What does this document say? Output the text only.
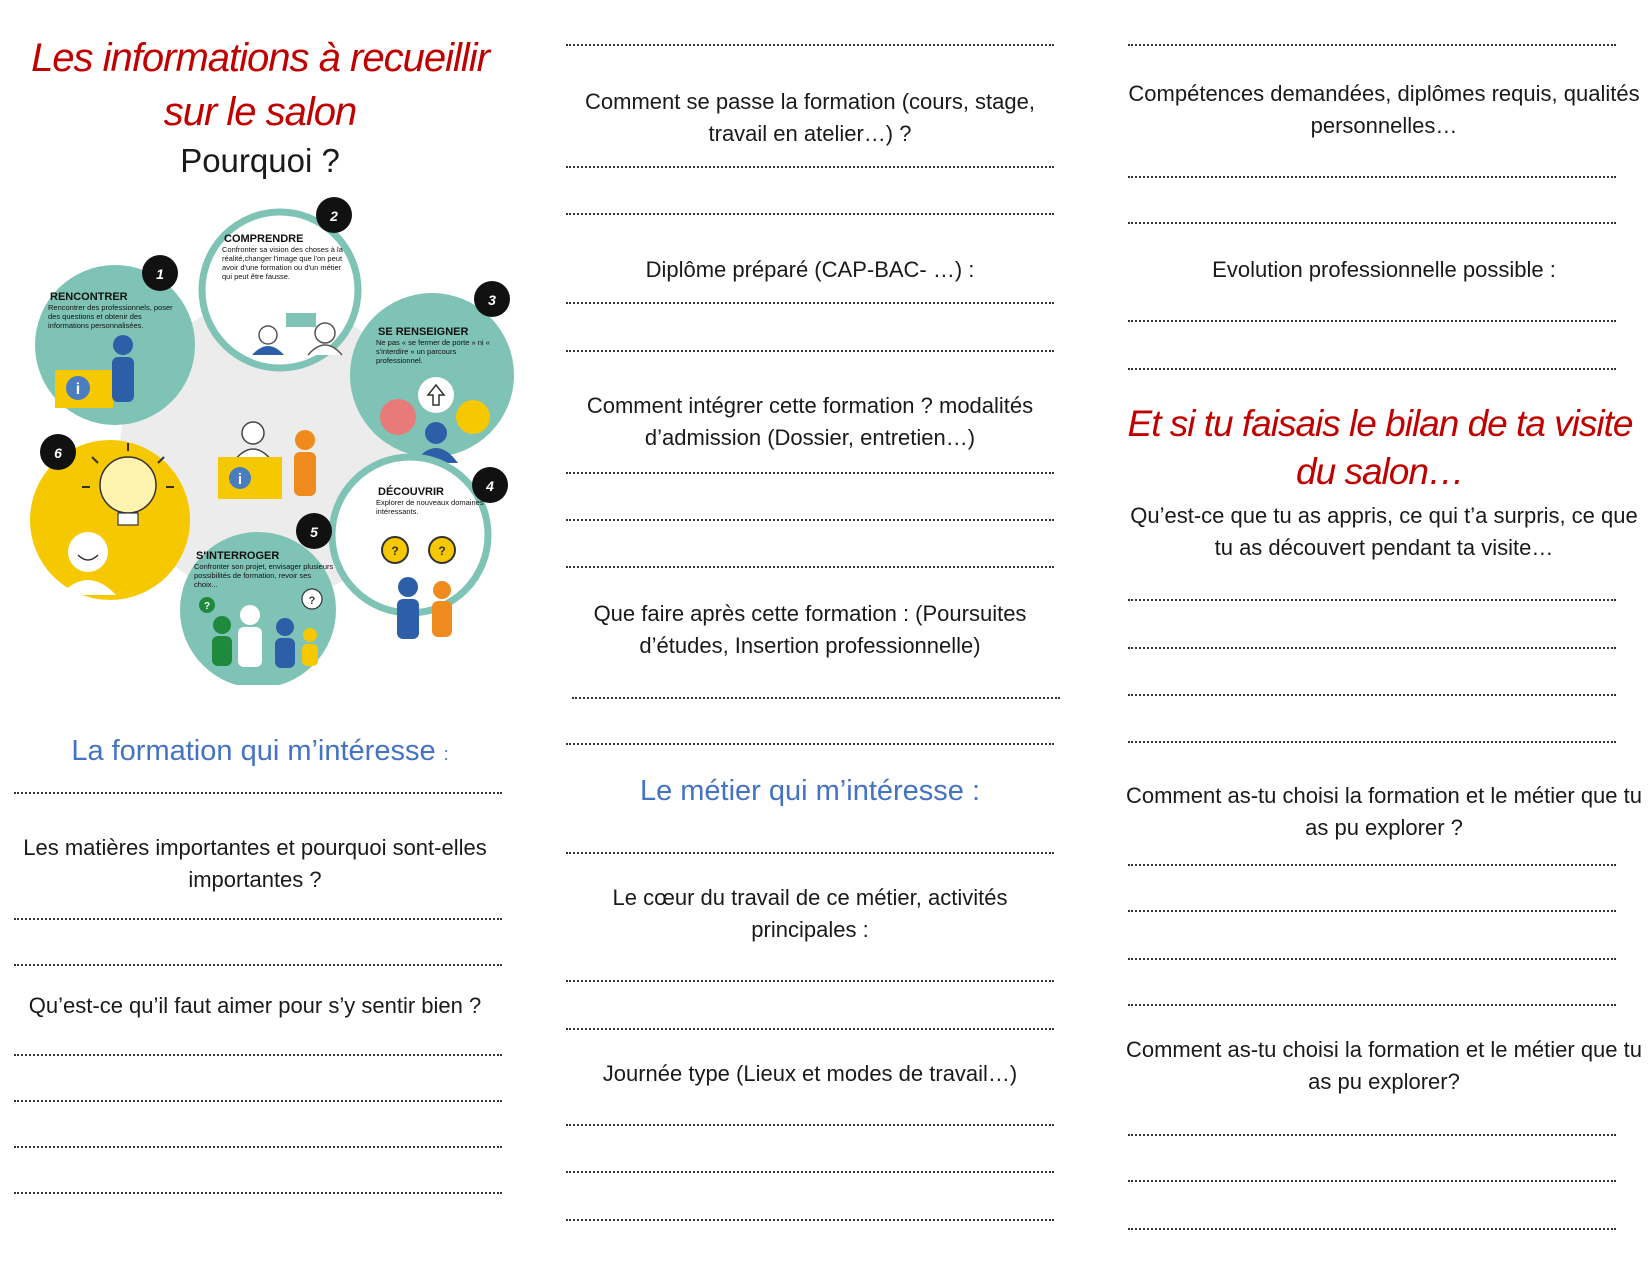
Les informations à recueillir
sur le salon
Pourquoi ?
i
1
RENCONTRER
Rencontrer des professionnels, poser des questions et obtenir des informations personnalisées.
2
COMPRENDRE
Confronter sa vision des choses à la réalité,changer l'image que l'on peut avoir d'une formation ou d'un métier qui peut être fausse.
3
SE RENSEIGNER
Ne pas « se fermer de porte » ni « s'interdire » un parcours professionnel.
6
i	4
DÉCOUVRIR
Explorer de nouveaux domaines intéressants.
?	?
5
S'INTERROGER
Confronter son projet, envisager plusieurs possibilités de formation, revoir ses choix...
?	?
La formation qui m’intéresse :
Les matières importantes et pourquoi sont-elles importantes ?
Qu’est-ce qu’il faut aimer pour s’y sentir bien ?
Comment se passe la formation (cours, stage, travail en atelier…) ?
Diplôme préparé (CAP-BAC- …) :
Comment intégrer cette formation ? modalités d’admission (Dossier, entretien…)
Que faire après cette formation : (Poursuites d’études, Insertion professionnelle)
Le métier qui m’intéresse :
Le cœur du travail de ce métier, activités principales :
Journée type (Lieux et modes de travail…)
Compétences demandées, diplômes requis, qualités personnelles…
Evolution professionnelle possible :
Et si tu faisais le bilan de ta visite
du salon…
Qu’est-ce que tu as appris, ce qui t’a surpris, ce que tu as découvert pendant ta visite…
Comment as-tu choisi la formation et le métier que tu as pu explorer ?
Comment as-tu choisi la formation et le métier que tu as pu explorer?
